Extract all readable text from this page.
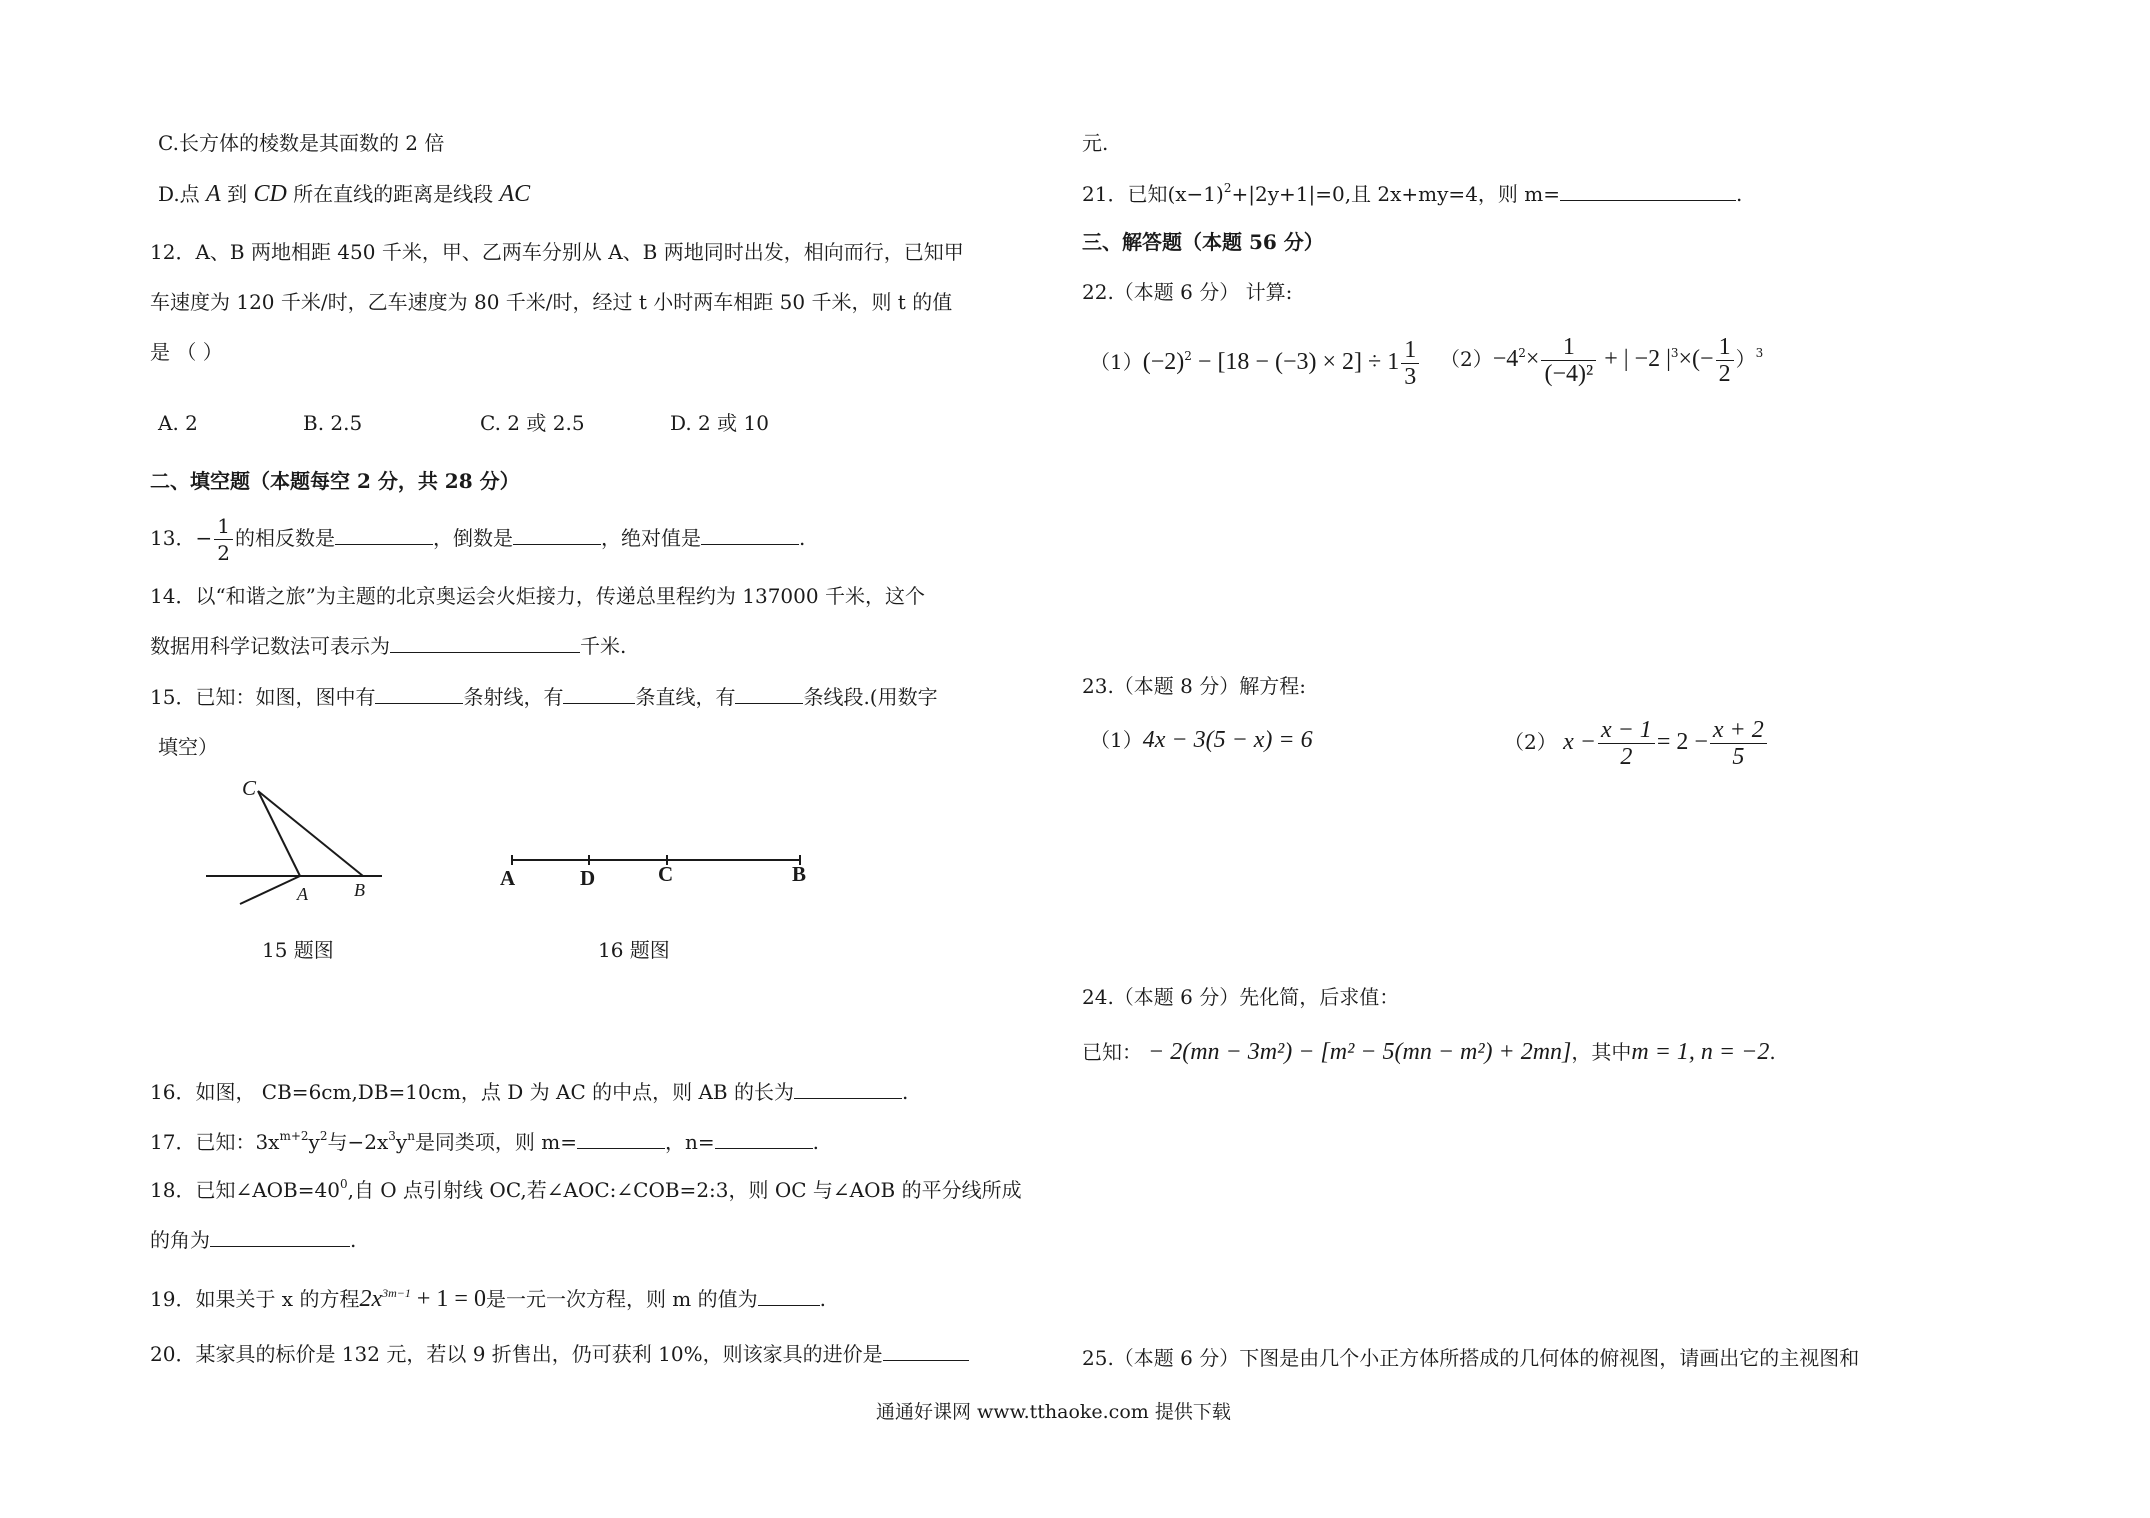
C.长方体的棱数是其面数的 2 倍
D.点 A 到 CD 所在直线的距离是线段 AC
12．A、B 两地相距 450 千米，甲、乙两车分别从 A、B 两地同时出发，相向而行，已知甲
车速度为 120 千米/时，乙车速度为 80 千米/时，经过 t 小时两车相距 50 千米，则 t 的值
是 （ ）
A. 2	B. 2.5	C. 2 或 2.5	D. 2 或 10
二、填空题（本题每空 2 分，共 28 分）
13．− $\frac{1}{2}$ 的相反数是	，倒数是	，绝对值是	.
14．以“和谐之旅”为主题的北京奥运会火炬接力，传递总里程约为 137000 千米，这个
数据用科学记数法可表示为	千米.
15．已知：如图，图中有	条射线，有	条直线，有	条线段.(用数字
填空）
C
A	B
15 题图
A	D	C	B
16 题图
16．如图， CB=6cm,DB=10cm，点 D 为 AC 的中点，则 AB 的长为	.
17．已知：$3x^{m+2}y^2$与$-2x^3y^n$是同类项，则 m=	，n=	.
18．已知$\angle AOB=40^0$,自 O 点引射线 OC,若∠AOC:∠COB=2:3，则 OC 与∠AOB 的平分线所成
的角为	.
19．如果关于 x 的方程$2x^{3m-1} + 1 = 0$是一元一次方程，则 m 的值为	.
20．某家具的标价是 132 元，若以 9 折售出，仍可获利 10%，则该家具的进价是
元.
21．已知$(x-1)^2+|2y+1|=0$,且 2x+my=4，则 m=	.
三、解答题（本题 56 分）
22.（本题 6 分） 计算:
$(1)(-2)^2 - [18 - (-3) \times 2] \div 1 \frac{1}{3} (2)-4^2\times \frac{1}{\text{(−4)²}}$ + | −2 $|^3\times(- \frac{1}{2} )^3$
23.（本题 8 分）解方程:
（1）4x − 3(5 − x) = 6	（2） $x - \frac{x - 1}{2} = 2 - \frac{x + 2}{5}$
24.（本题 6 分）先化简，后求值：
已知： − 2(mn − 3m²) − [m² − 5(mn − m²) + 2mn]，其中m = 1, n = −2.
25.（本题 6 分）下图是由几个小正方体所搭成的几何体的俯视图，请画出它的主视图和
通通好课网 www.tthaoke.com 提供下载
